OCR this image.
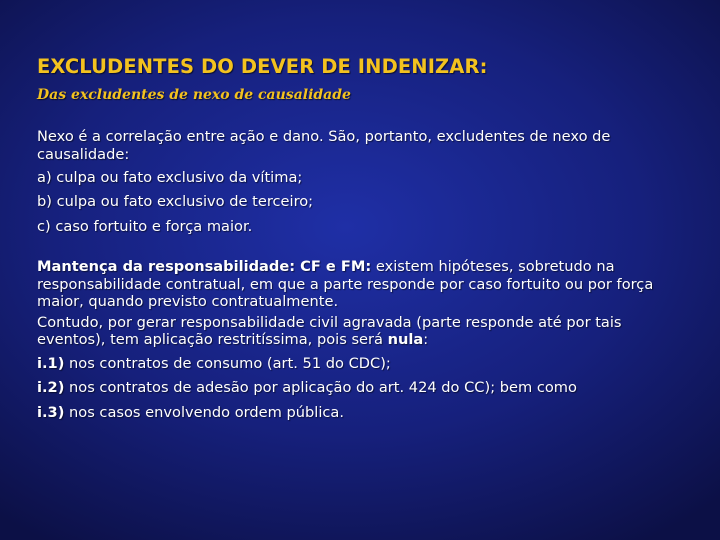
EXCLUDENTES DO DEVER DE INDENIZAR:
Das excludentes de nexo de causalidade

Nexo é a correlação entre ação e dano. São, portanto, excludentes de nexo de causalidade:

a) culpa ou fato exclusivo da vítima;

b) culpa ou fato exclusivo de terceiro;

c) caso fortuito e força maior.

Mantença da responsabilidade: CF e FM: existem hipóteses, sobretudo na responsabilidade contratual, em que a parte responde por caso fortuito ou por força maior, quando previsto contratualmente.

Contudo, por gerar responsabilidade civil agravada (parte responde até por tais eventos), tem aplicação restritíssima, pois será nula:

i.1) nos contratos de consumo (art. 51 do CDC);

i.2) nos contratos de adesão por aplicação do art. 424 do CC); bem como

i.3) nos casos envolvendo ordem pública.
